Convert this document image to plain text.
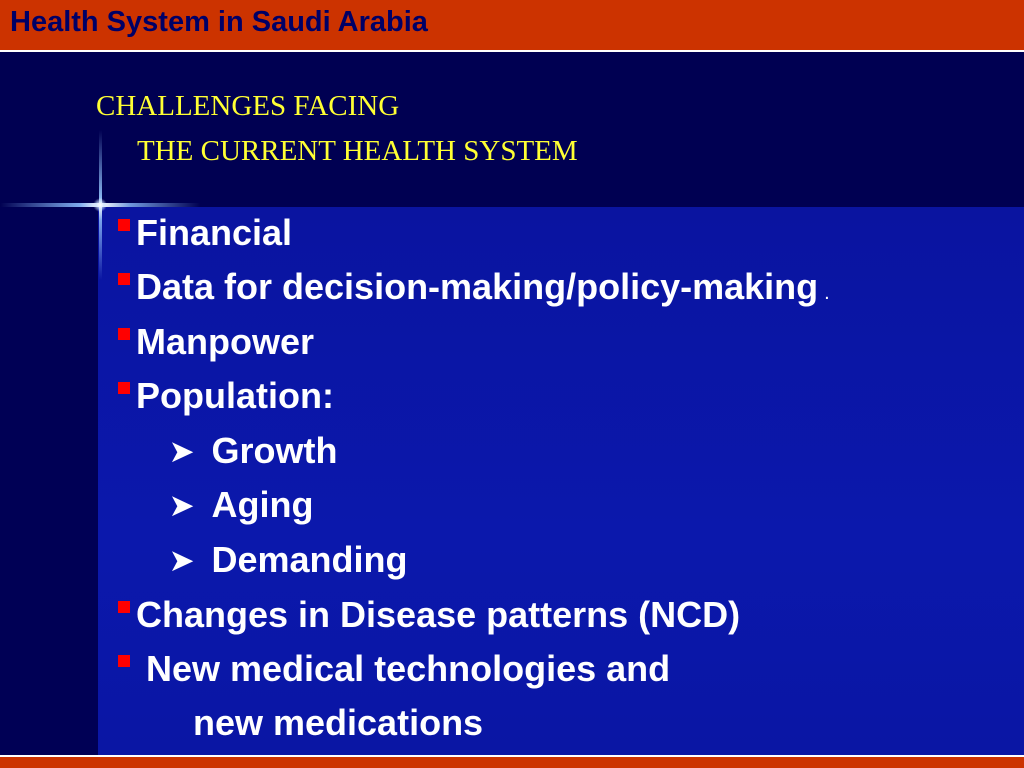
Health System in Saudi Arabia
CHALLENGES FACING
THE CURRENT HEALTH SYSTEM
Financial
Data for decision-making/policy-making .
Manpower
Population:
➤ Growth
➤ Aging
➤ Demanding
Changes in Disease patterns (NCD)
New medical technologies and
new medications
